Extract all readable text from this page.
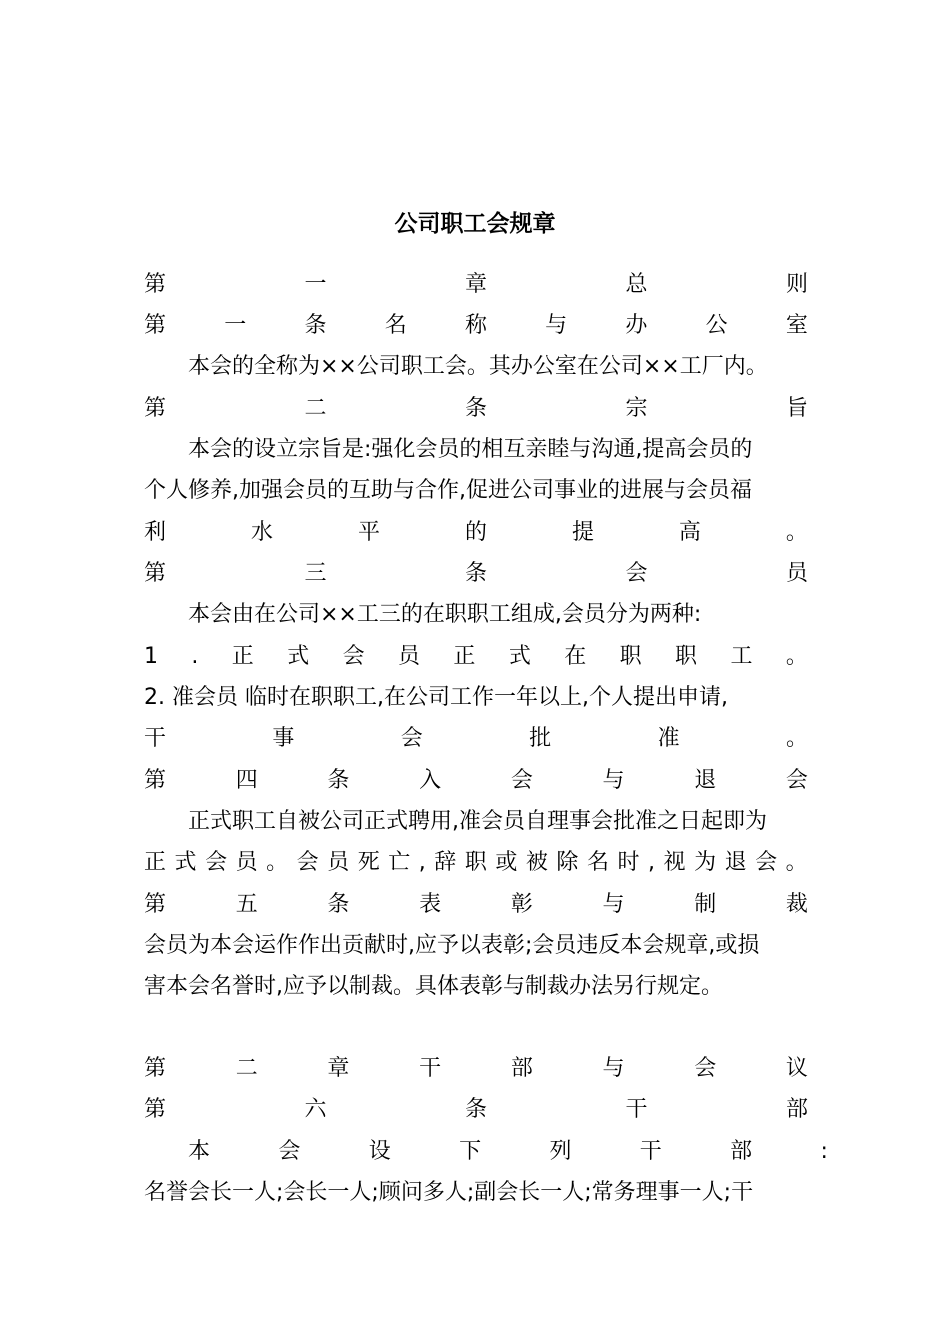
公司职工会规章
第	一	章	总	则
第	一	条	名	称	与	办	公	室
本会的全称为××公司职工会。其办公室在公司××工厂内。
第	二	条	宗	旨
本会的设立宗旨是:强化会员的相互亲睦与沟通,提高会员的
个人修养,加强会员的互助与合作,促进公司事业的进展与会员福
利	水	平	的	提	高	。
第	三	条	会	员
本会由在公司××工三的在职职工组成,会员分为两种:
1 . 正 式 会 员 正 式 在 职 职 工 。
2. 准会员 临时在职职工,在公司工作一年以上,个人提出申请,
干	事	会	批	准	。
第	四	条	入	会	与	退	会
正式职工自被公司正式聘用,准会员自理事会批准之日起即为
正 式 会 员 。 会 员 死 亡 , 辞 职 或 被 除 名 时 , 视 为 退 会 。
第	五	条	表	彰	与	制	裁
会员为本会运作作出贡献时,应予以表彰;会员违反本会规章,或损
害本会名誉时,应予以制裁。具体表彰与制裁办法另行规定。
第	二	章	干	部	与	会	议
第	六	条	干	部
本	会	设	下	列	干	部	:
名誉会长一人;会长一人;顾问多人;副会长一人;常务理事一人;干
